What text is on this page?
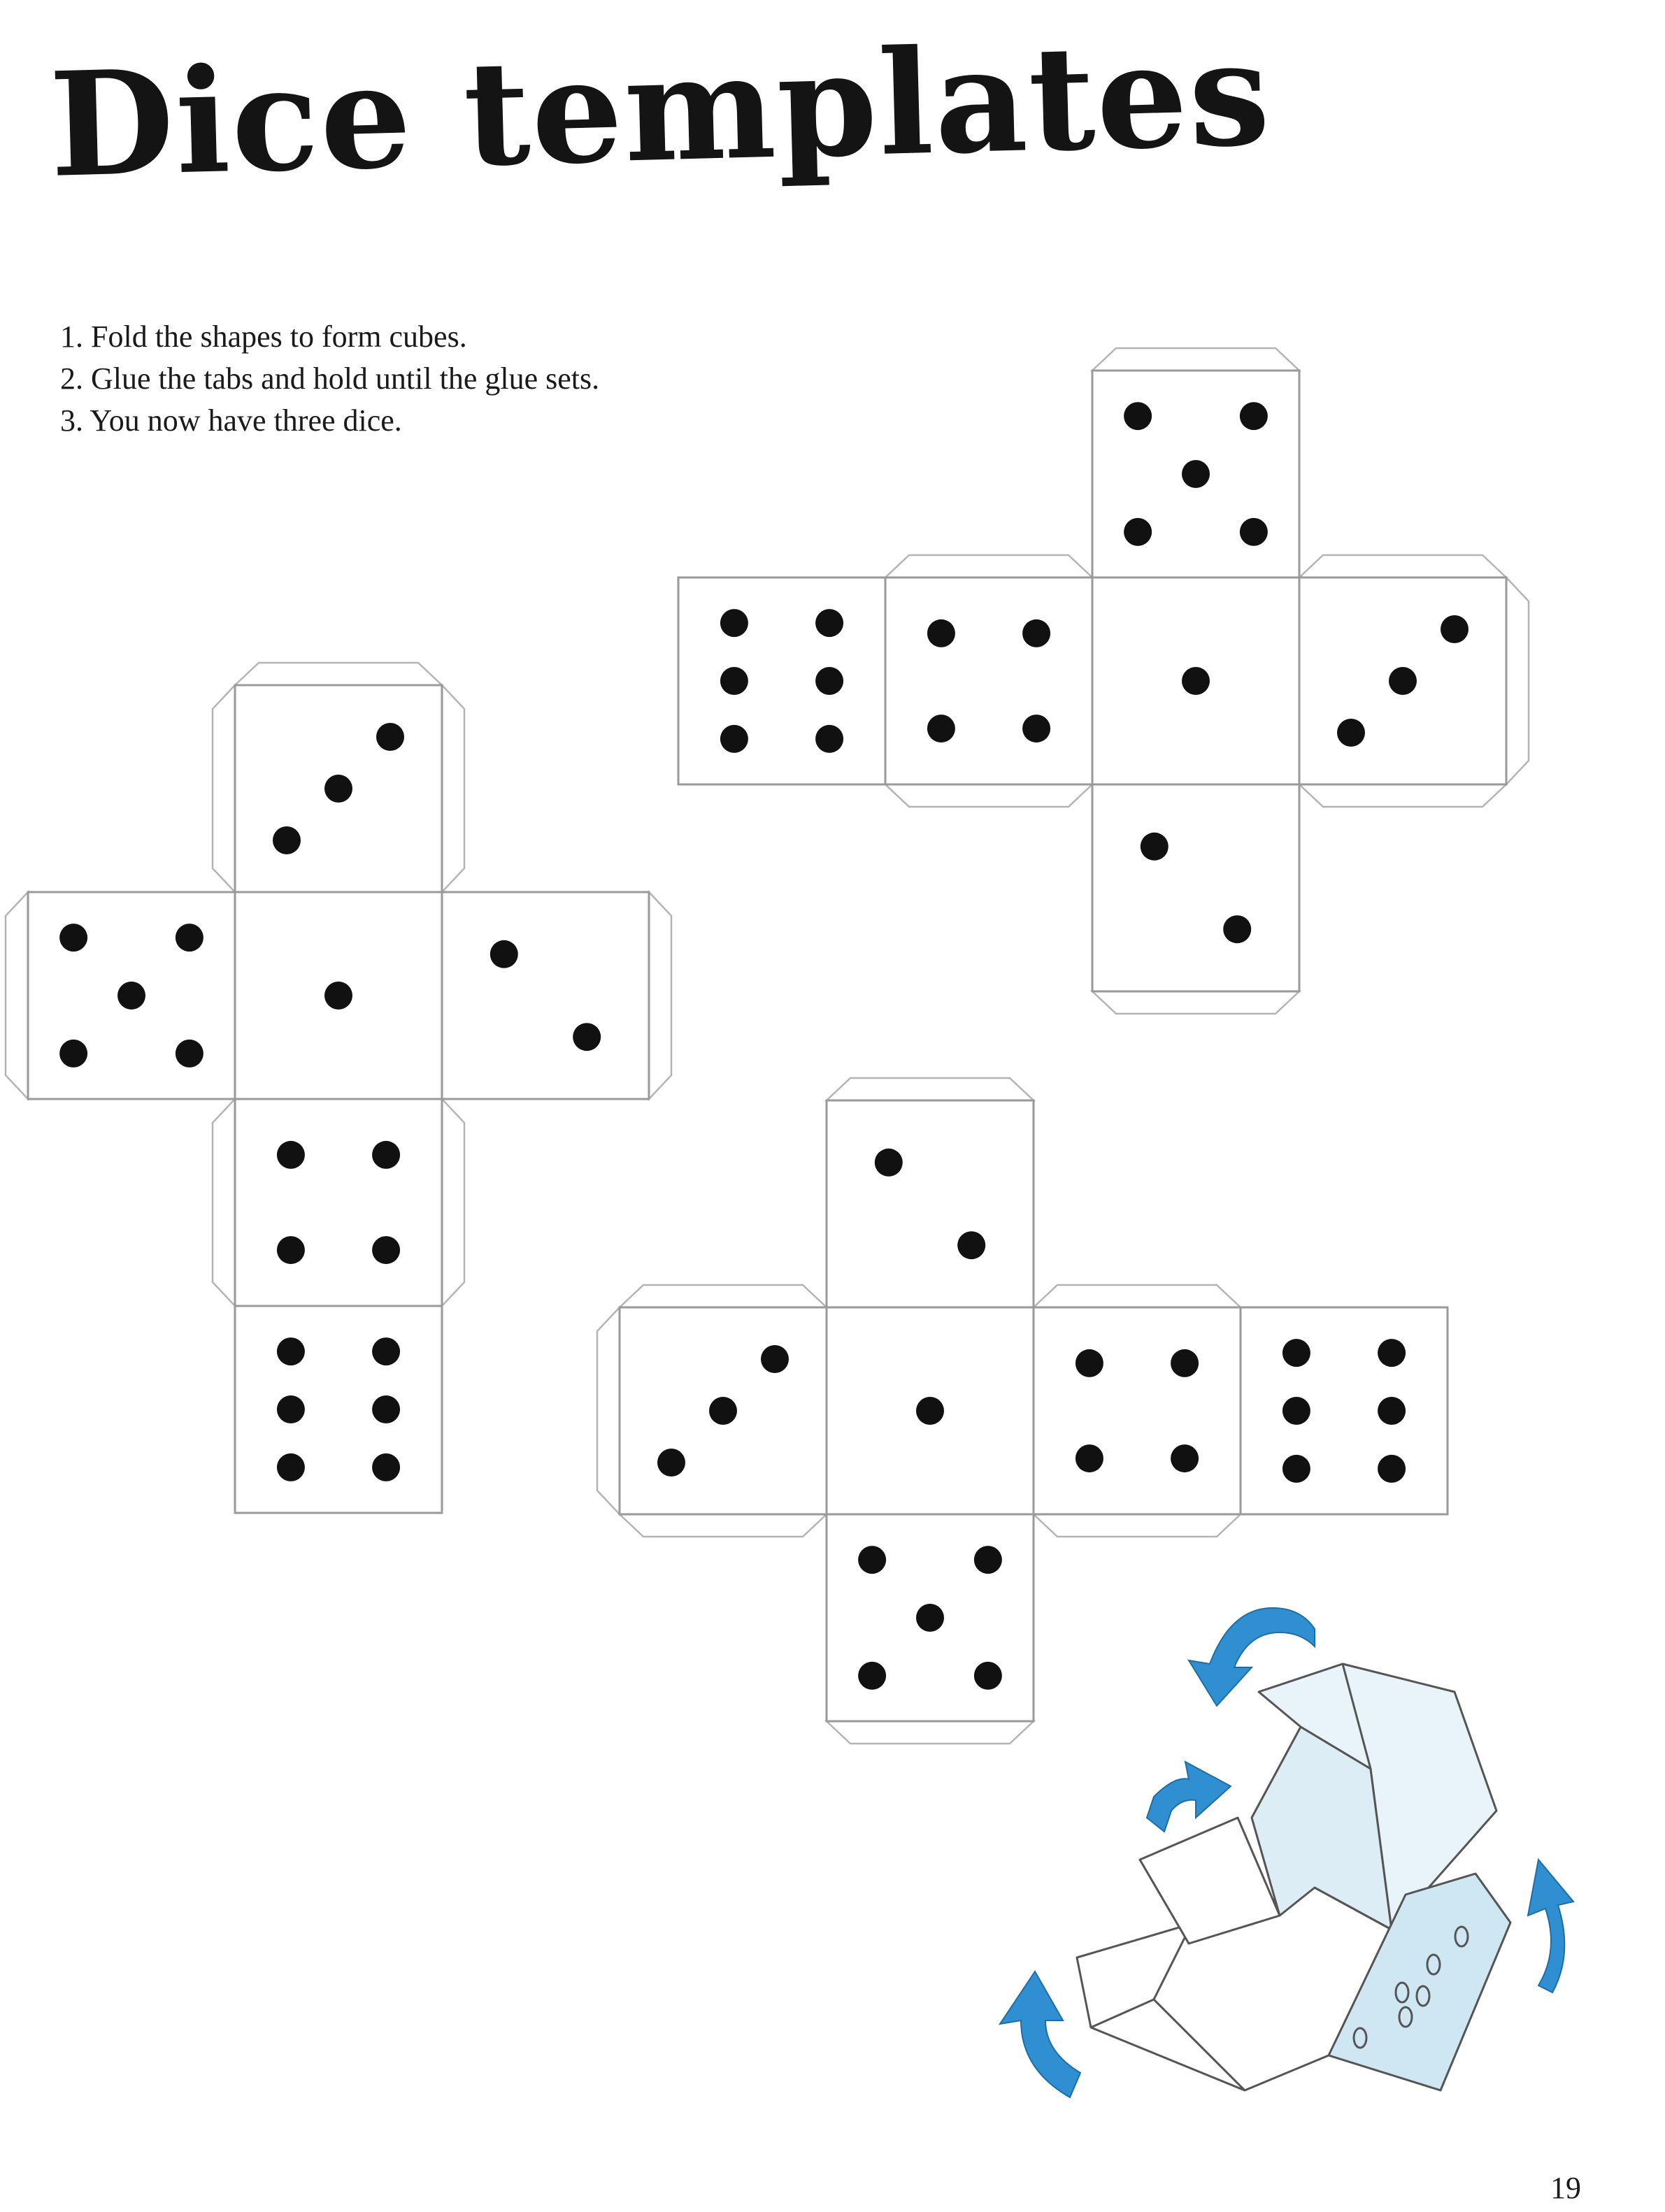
Dice templates
1. Fold the shapes to form cubes.
2. Glue the tabs and hold until the glue sets.
3. You now have three dice.
19
